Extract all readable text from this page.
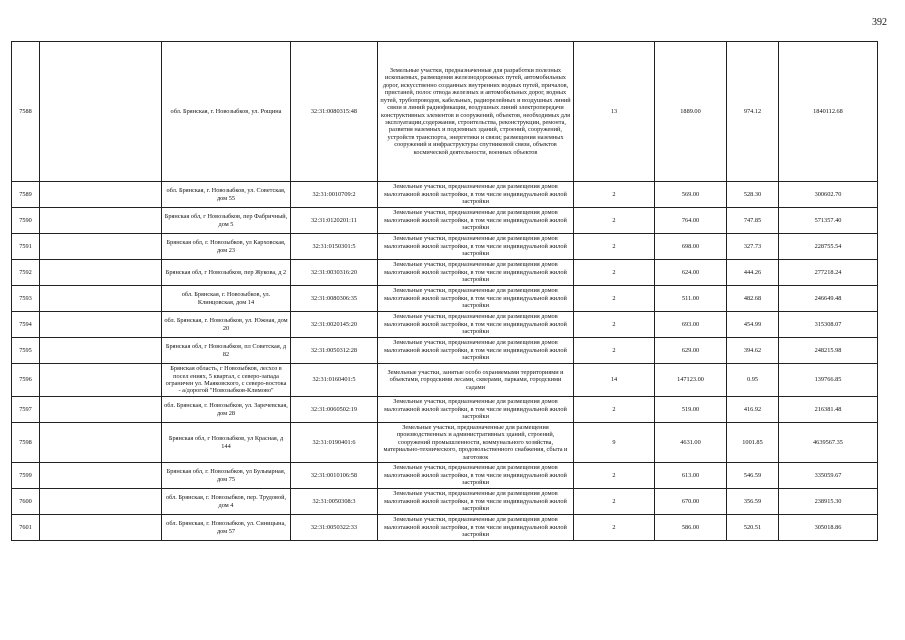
392
7588		обл. Брянская, г. Новозыбков, ул. Рощина	32:31:0080315:48	Земельные участки, предназначенные для разработки полезных ископаемых, размещения железнодорожных путей, автомобильных дорог, искусственно созданных внутренних водных путей, причалов, пристаней, полос отвода железных и автомобильных дорог, водных путей, трубопроводов, кабельных, радиорелейных и воздушных линий связи и линий радиофикации, воздушных линий электропередачи конструктивных элементов и сооружений, объектов, необходимых для эксплуатации,содержания, строительства, реконструкции, ремонта, развития наземных и подземных зданий, строений, сооружений, устройств транспорта, энергетики и связи; размещения наземных сооружений и инфраструктуры спутниковой связи, объектов космической деятельности, военных объектов	13	1889.00	974.12	1840112.68
7589		обл. Брянская, г. Новозыбков, ул. Советская, дом 55	32:31:0010709:2	Земельные участки, предназначенные для размещения домов малоэтажной жилой застройки, в том числе индивидуальной жилой застройки	2	569.00	528.30	300602.70
7590		Брянская обл, г Новозыбков, пер Фабричный, дом 5	32:31:0120201:11	Земельные участки, предназначенные для размещения домов малоэтажной жилой застройки, в том числе индивидуальной жилой застройки	2	764.00	747.85	571357.40
7591		Брянская обл, г. Новозыбков, ул Карховская, дом 23	32:31:0150301:5	Земельные участки, предназначенные для размещения домов малоэтажной жилой застройки, в том числе индивидуальной жилой застройки	2	698.00	327.73	228755.54
7592		Брянская обл, г Новозыбков, пер Жукова, д 2	32:31:0030316:20	Земельные участки, предназначенные для размещения домов малоэтажной жилой застройки, в том числе индивидуальной жилой застройки	2	624.00	444.26	277218.24
7593		обл. Брянская, г. Новозыбков, ул. Клинцовская, дом 14	32:31:0080306:35	Земельные участки, предназначенные для размещения домов малоэтажной жилой застройки, в том числе индивидуальной жилой застройки	2	511.00	482.68	246649.48
7594		обл. Брянская, г. Новозыбков, ул. Южная, дом 20	32:31:0020145:20	Земельные участки, предназначенные для размещения домов малоэтажной жилой застройки, в том числе индивидуальной жилой застройки	2	693.00	454.99	315308.07
7595		Брянская обл, г Новозыбков, пл Советская, д 82	32:31:0050312:28	Земельные участки, предназначенные для размещения домов малоэтажной жилой застройки, в том числе индивидуальной жилой застройки	2	629.00	394.62	248215.98
7596		Брянская область, г Новозыбков, лесхоз в посел ениях, 5 квартал, с северо-запада ограничен ул. Маяковского, с северо-востока - а/дорогой "Новозыбков-Климово"	32:31:0160401:5	Земельные участки, занятые особо охраняемыми территориями и объектами, городскими лесами, скверами, парками, городскими садами	14	147123.00	0.95	139766.85
7597		обл. Брянская, г. Новозыбков, ул. Заречевская, дом 28	32:31:0060502:19	Земельные участки, предназначенные для размещения домов малоэтажной жилой застройки, в том числе индивидуальной жилой застройки	2	519.00	416.92	216381.48
7598		Брянская обл, г Новозыбков, ул Красная, д 144	32:31:0190401:6	Земельные участки, предназначенные для размещения производственных и административных зданий, строений, сооружений промышленности, коммунального хозяйства, материально-технического, продовольственного снабжения, сбыта и заготовок	9	4631.00	1001.85	4639567.35
7599		Брянская обл, г. Новозыбков, ул Бульварная, дом 75	32:31:0010106:58	Земельные участки, предназначенные для размещения домов малоэтажной жилой застройки, в том числе индивидуальной жилой застройки	2	613.00	546.59	335059.67
7600		обл. Брянская, г. Новозыбков, пер. Трудовой, дом 4	32:31:0050308:3	Земельные участки, предназначенные для размещения домов малоэтажной жилой застройки, в том числе индивидуальной жилой застройки	2	670.00	356.59	238915.30
7601		обл. Брянская, г. Новозыбков, ул. Синицына, дом 57	32:31:0050322:33	Земельные участки, предназначенные для размещения домов малоэтажной жилой застройки, в том числе индивидуальной жилой застройки	2	586.00	520.51	305018.86
